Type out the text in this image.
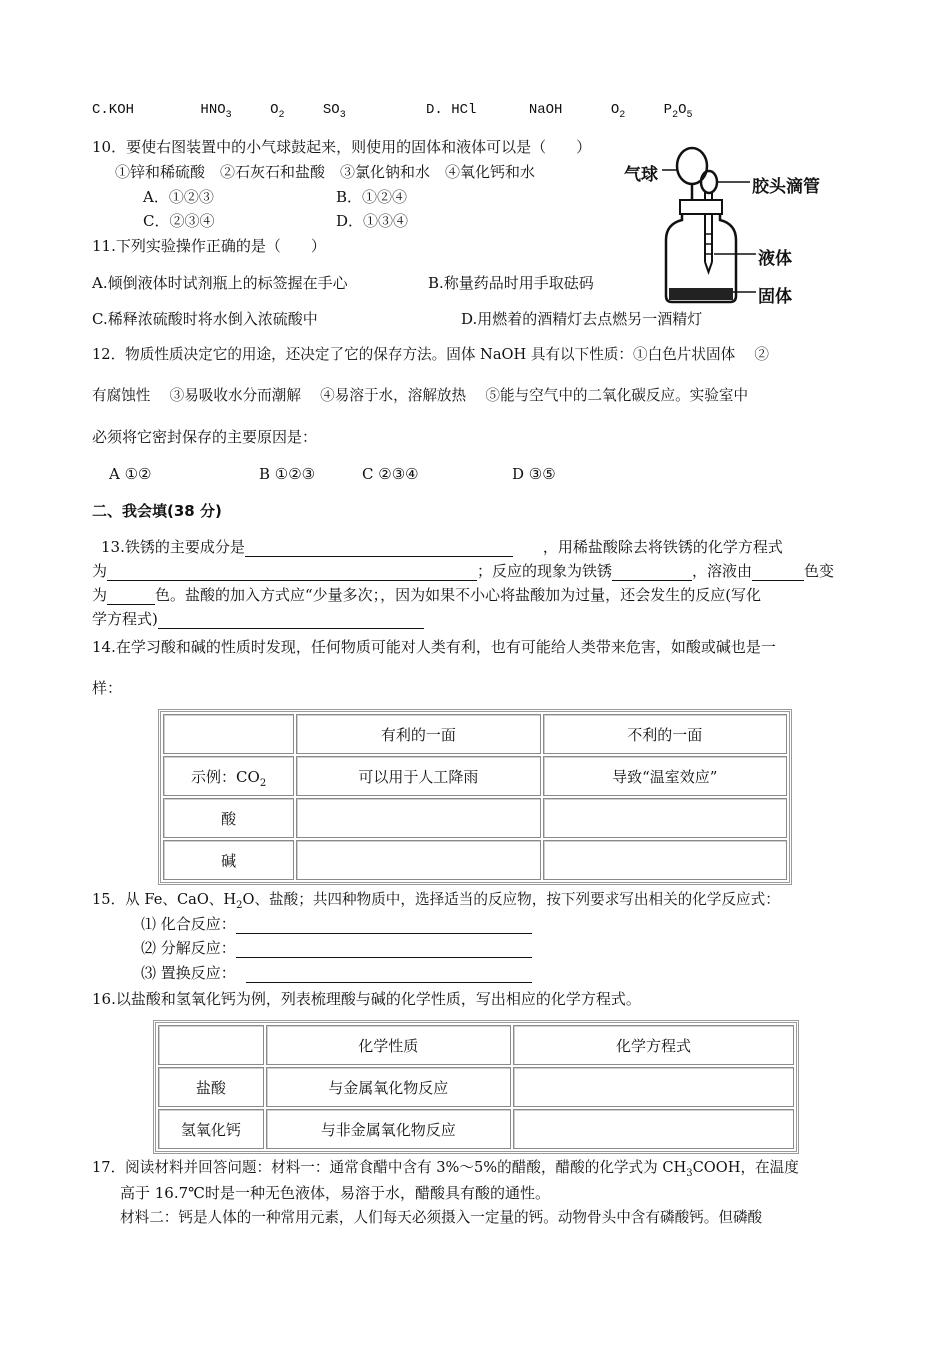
C.KOH	$HNO_3$	$O_2$	$SO_3$	D. HCl	NaOH	$O_2$	$P_2O_5$
10．要使右图装置中的小气球鼓起来，则使用的固体和液体可以是（　　）
①锌和稀硫酸　②石灰石和盐酸　③氯化钠和水　④氧化钙和水
A．①②③	B．①②④
C．②③④	D．①③④
气球
胶头滴管
液体
固体
11.下列实验操作正确的是（　　）
A.倾倒液体时试剂瓶上的标签握在手心	B.称量药品时用手取砝码
C.稀释浓硫酸时将水倒入浓硫酸中	D.用燃着的酒精灯去点燃另一酒精灯
12．物质性质决定它的用途，还决定了它的保存方法。固体 NaOH 具有以下性质：①白色片状固体　 ②
有腐蚀性　 ③易吸收水分而潮解　 ④易溶于水，溶解放热　 ⑤能与空气中的二氧化碳反应。实验室中
必须将它密封保存的主要原因是：
A ①②	B ①②③	C ②③④	D ③⑤
二、我会填(38 分)
13.铁锈的主要成分是	，用稀盐酸除去将铁锈的化学方程式
为	；反应的现象为铁锈	，溶液由	色变
为	色。盐酸的加入方式应“少量多次；，因为如果不小心将盐酸加为过量，还会发生的反应(写化
学方程式)
14.在学习酸和碱的性质时发现，任何物质可能对人类有利，也有可能给人类带来危害，如酸或碱也是一
样：
	有利的一面	不利的一面
示例：$CO_2$	可以用于人工降雨	导致“温室效应”
酸		
碱		
15．从 Fe、CaO、$H_2O$、盐酸；共四种物质中，选择适当的反应物，按下列要求写出相关的化学反应式：
⑴ 化合反应：
⑵ 分解反应：
⑶ 置换反应：
16.以盐酸和氢氧化钙为例，列表梳理酸与碱的化学性质，写出相应的化学方程式。
	化学性质	化学方程式
盐酸	与金属氧化物反应	
氢氧化钙	与非金属氧化物反应	
17．阅读材料并回答问题：材料一：通常食醋中含有 3%～5%的醋酸，醋酸的化学式为 $CH_3COOH$，在温度
高于 16.7℃时是一种无色液体，易溶于水，醋酸具有酸的通性。
材料二：钙是人体的一种常用元素，人们每天必须摄入一定量的钙。动物骨头中含有磷酸钙。但磷酸
